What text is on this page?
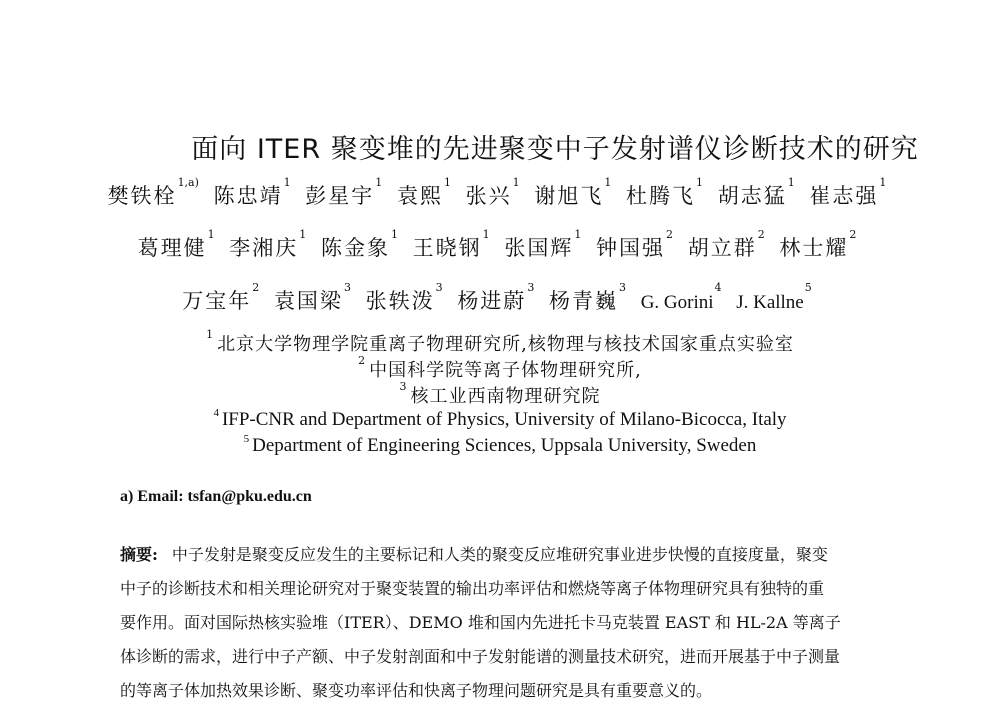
面向 ITER 聚变堆的先进聚变中子发射谱仪诊断技术的研究
樊铁栓$^{1,a)}$ 陈忠靖$^1$ 彭星宇$^1$ 袁熙$^1$ 张兴$^1$ 谢旭飞$^1$ 杜腾飞$^1$ 胡志猛$^1$ 崔志强$^1$
葛理健$^1$ 李湘庆$^1$ 陈金象$^1$ 王晓钢$^1$ 张国辉$^1$ 钟国强$^2$ 胡立群$^2$ 林士耀$^2$
万宝年$^2$ 袁国梁$^3$ 张轶泼$^3$ 杨进蔚$^3$ 杨青巍$^3$ G. Gorini$^4$ J. Kallne$^5$
$^1$ 北京大学物理学院重离子物理研究所,核物理与核技术国家重点实验室
$^2$ 中国科学院等离子体物理研究所,
$^3$ 核工业西南物理研究院
$^4$ IFP-CNR and Department of Physics, University of Milano-Bicocca, Italy
$^5$ Department of Engineering Sciences, Uppsala University, Sweden
a) Email: tsfan@pku.edu.cn
摘要: 中子发射是聚变反应发生的主要标记和人类的聚变反应堆研究事业进步快慢的直接度量，聚变
中子的诊断技术和相关理论研究对于聚变装置的输出功率评估和燃烧等离子体物理研究具有独特的重
要作用。面对国际热核实验堆（ITER）、DEMO 堆和国内先进托卡马克装置 EAST 和 HL-2A 等离子
体诊断的需求，进行中子产额、中子发射剖面和中子发射能谱的测量技术研究，进而开展基于中子测量
的等离子体加热效果诊断、聚变功率评估和快离子物理问题研究是具有重要意义的。
